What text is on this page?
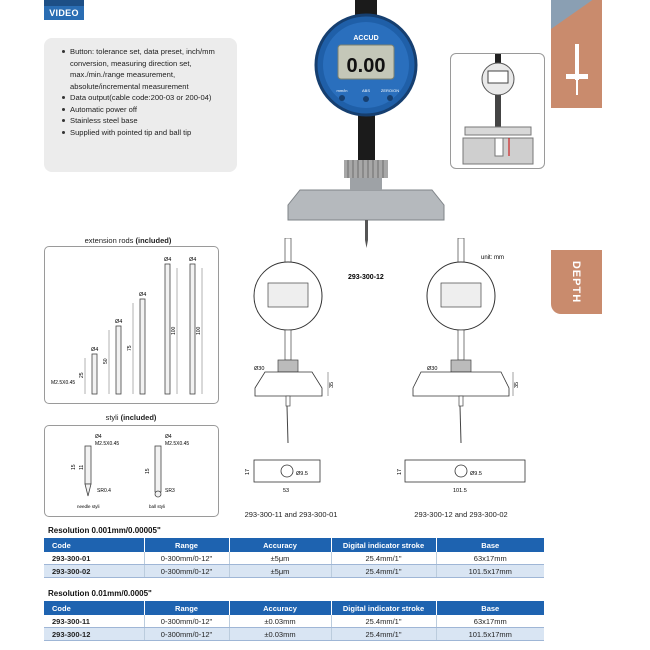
VIDEO
Button: tolerance set, data preset, inch/mm conversion, measuring direction set, max./min./range measurement, absolute/incremental measurement
Data output(cable code:200-03 or 200-04)
Automatic power off
Stainless steel base
Supplied with pointed tip and ball tip
0.00
ACCUD
mm/in	ABS	ZERO/ON
DEPTH
extension rods (included)
Ø4
Ø4
Ø4
Ø4	Ø4
25
50
75
100	100
M2.5X0.45
styli (included)
Ø4
M2.5X0.45
15 11
SR0.4
needle styli
Ø4
M2.5X0.45
15
SR3
ball styli
35
Ø30
293-300-12
Ø9.5
17
53
293-300-11 and 293-300-01
35
Ø30
unit: mm
Ø9.5
17
101.5
293-300-12 and 293-300-02
Resolution 0.001mm/0.00005"
Code	Range	Accuracy	Digital indicator stroke	Base
293-300-01	0-300mm/0-12"	±5μm	25.4mm/1"	63x17mm
293-300-02	0-300mm/0-12"	±5μm	25.4mm/1"	101.5x17mm
Resolution 0.01mm/0.0005"
Code	Range	Accuracy	Digital indicator stroke	Base
293-300-11	0-300mm/0-12"	±0.03mm	25.4mm/1"	63x17mm
293-300-12	0-300mm/0-12"	±0.03mm	25.4mm/1"	101.5x17mm
